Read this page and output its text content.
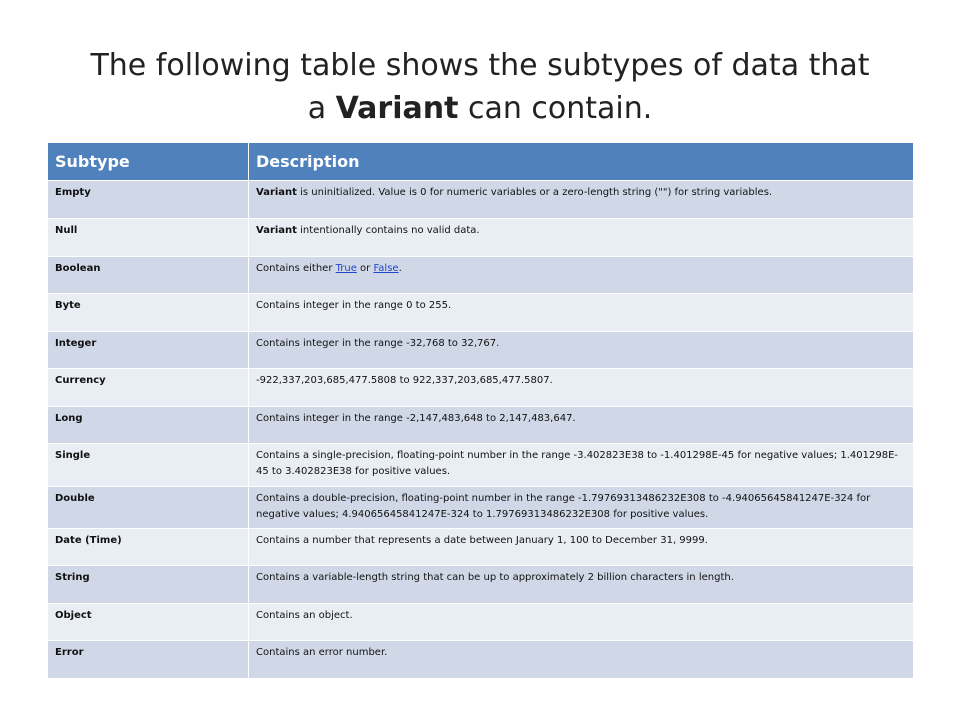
The following table shows the subtypes of data that
a Variant can contain.
Subtype	Description
Empty	Variant is uninitialized. Value is 0 for numeric variables or a zero-length string ("") for string variables.
Null	Variant intentionally contains no valid data.
Boolean	Contains either True or False.
Byte	Contains integer in the range 0 to 255.
Integer	Contains integer in the range -32,768 to 32,767.
Currency	-922,337,203,685,477.5808 to 922,337,203,685,477.5807.
Long	Contains integer in the range -2,147,483,648 to 2,147,483,647.
Single	Contains a single-precision, floating-point number in the range -3.402823E38 to -1.401298E-45 for negative values; 1.401298E-45 to 3.402823E38 for positive values.
Double	Contains a double-precision, floating-point number in the range -1.79769313486232E308 to -4.94065645841247E-324 for negative values; 4.94065645841247E-324 to 1.79769313486232E308 for positive values.
Date (Time)	Contains a number that represents a date between January 1, 100 to December 31, 9999.
String	Contains a variable-length string that can be up to approximately 2 billion characters in length.
Object	Contains an object.
Error	Contains an error number.
